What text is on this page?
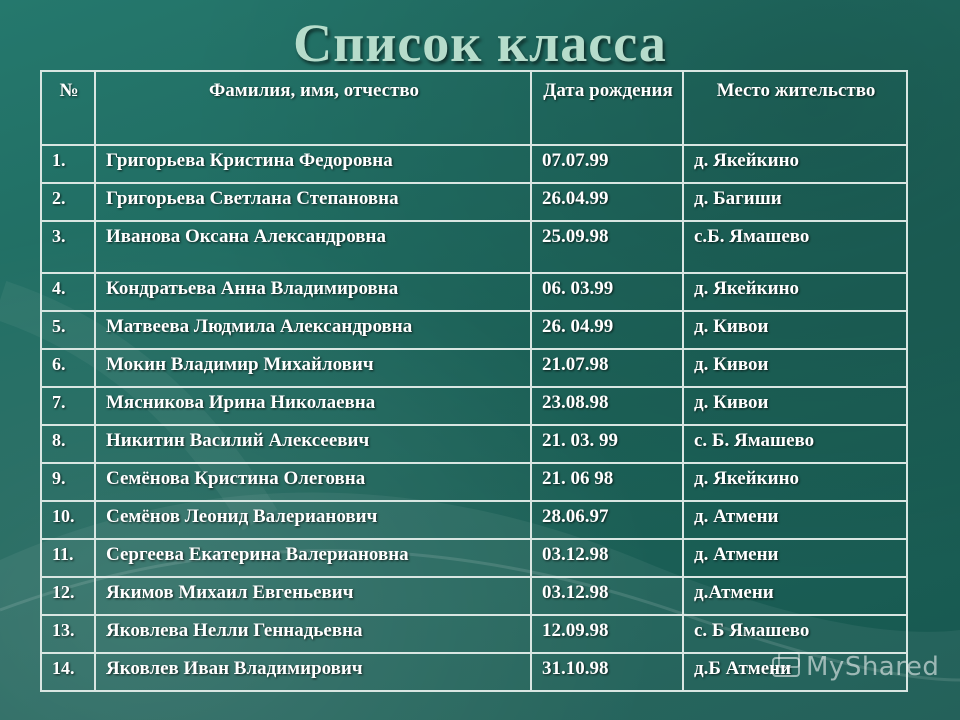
Список класса
№	Фамилия, имя, отчество	Дата рождения	Место жительство
1.	Григорьева Кристина Федоровна	07.07.99	д. Якейкино
2.	Григорьева Светлана Степановна	26.04.99	д. Багиши
3.	Иванова Оксана Александровна	25.09.98	с.Б. Ямашево
4.	Кондратьева Анна Владимировна	06. 03.99	д. Якейкино
5.	Матвеева Людмила Александровна	26. 04.99	д. Кивои
6.	Мокин Владимир Михайлович	21.07.98	д. Кивои
7.	Мясникова Ирина Николаевна	23.08.98	д. Кивои
8.	Никитин Василий Алексеевич	21. 03. 99	с. Б. Ямашево
9.	Семёнова Кристина Олеговна	21. 06 98	д. Якейкино
10.	Семёнов Леонид Валерианович	28.06.97	д. Атмени
11.	Сергеева Екатерина Валериановна	03.12.98	д. Атмени
12.	Якимов Михаил Евгеньевич	03.12.98	д.Атмени
13.	Яковлева Нелли Геннадьевна	12.09.98	с. Б Ямашево
14.	Яковлев Иван Владимирович	31.10.98	д.Б Атмени MyShared
